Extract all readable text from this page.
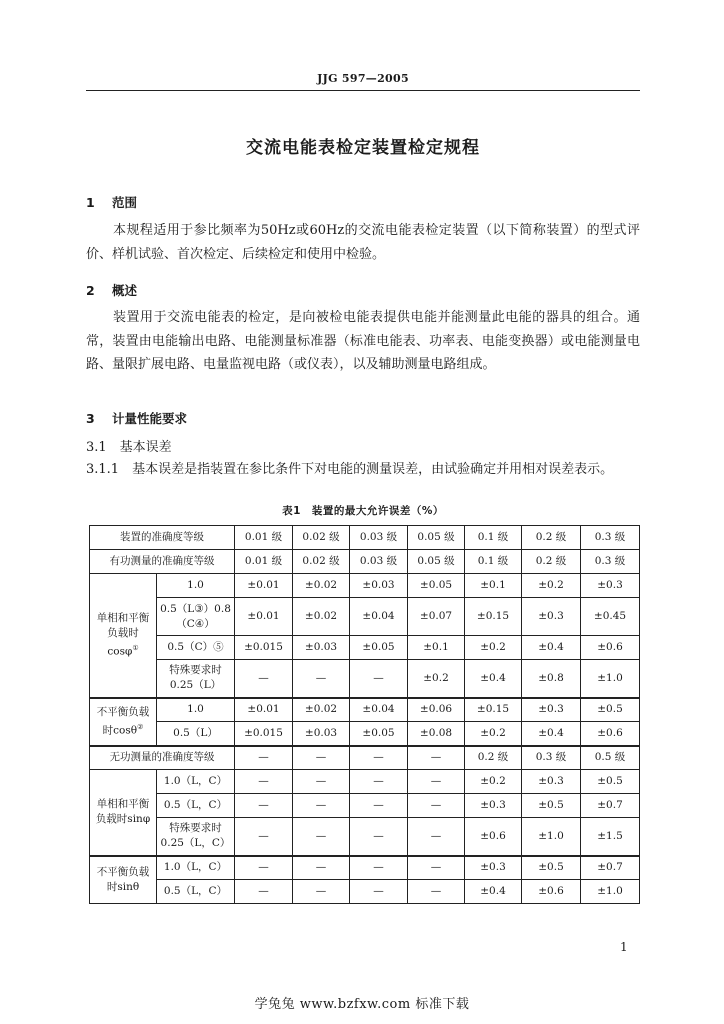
JJG 597—2005
交流电能表检定装置检定规程
1 范围
本规程适用于参比频率为50Hz或60Hz的交流电能表检定装置（以下简称装置）的型式评价、样机试验、首次检定、后续检定和使用中检验。
2 概述
装置用于交流电能表的检定，是向被检电能表提供电能并能测量此电能的器具的组合。通常，装置由电能输出电路、电能测量标准器（标准电能表、功率表、电能变换器）或电能测量电路、量限扩展电路、电量监视电路（或仪表），以及辅助测量电路组成。
3 计量性能要求
3.1　基本误差
3.1.1　基本误差是指装置在参比条件下对电能的测量误差，由试验确定并用相对误差表示。
表1　装置的最大允许误差（%）
装置的准确度等级		0.01 级	0.02 级	0.03 级	0.05 级	0.1 级	0.2 级	0.3 级
有功测量的准确度等级		0.01 级	0.02 级	0.03 级	0.05 级	0.1 级	0.2 级	0.3 级
单相和平衡负载时cosφ①	1.0	±0.01	±0.02	±0.03	±0.05	±0.1	±0.2	±0.3
	0.5（L③）0.8（C④）	±0.01	±0.02	±0.04	±0.07	±0.15	±0.3	±0.45
	0.5（C）⑤	±0.015	±0.03	±0.05	±0.1	±0.2	±0.4	±0.6
	特殊要求时 0.25（L）	—	—	—	±0.2	±0.4	±0.8	±1.0
不平衡负载时cosθ②	1.0	±0.01	±0.02	±0.04	±0.06	±0.15	±0.3	±0.5
	0.5（L）	±0.015	±0.03	±0.05	±0.08	±0.2	±0.4	±0.6
无功测量的准确度等级		—	—	—	—	0.2 级	0.3 级	0.5 级
单相和平衡负载时sinφ	1.0（L，C）	—	—	—	—	±0.2	±0.3	±0.5
	0.5（L，C）	—	—	—	—	±0.3	±0.5	±0.7
	特殊要求时 0.25（L，C）	—	—	—	—	±0.6	±1.0	±1.5
不平衡负载时sinθ	1.0（L，C）	—	—	—	—	±0.3	±0.5	±0.7
	0.5（L，C）	—	—	—	—	±0.4	±0.6	±1.0
1
学兔兔 www.bzfxw.com 标准下载
